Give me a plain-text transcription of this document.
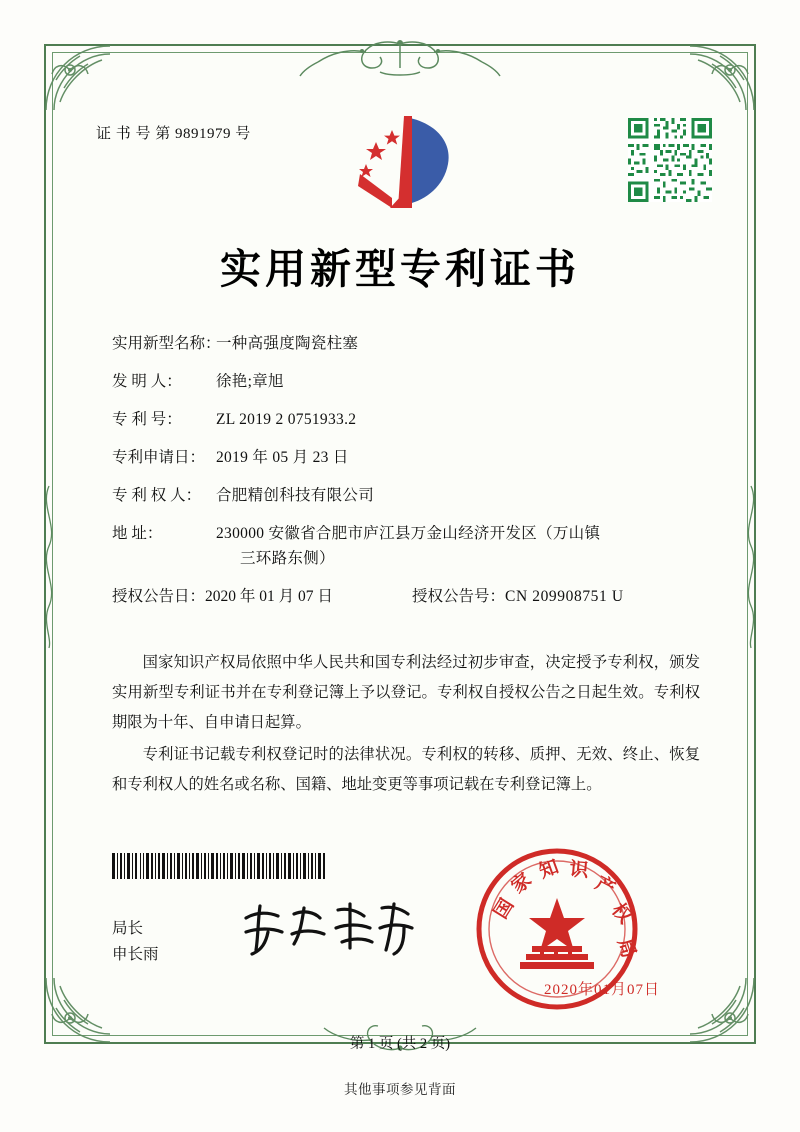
证 书 号 第 9891979 号
实用新型专利证书
实用新型名称：
一种高强度陶瓷柱塞
发 明 人：	徐艳;章旭
专 利 号：	ZL 2019 2 0751933.2
专利申请日： 2019 年 05 月 23 日
专 利 权 人： 合肥精创科技有限公司
地 址：	230000 安徽省合肥市庐江县万金山经济开发区（万山镇
三环路东侧）
授权公告日：2020 年 01 月 07 日	授权公告号：CN 209908751 U

国家知识产权局依照中华人民共和国专利法经过初步审查，决定授予专利权，颁发实用新型专利证书并在专利登记簿上予以登记。专利权自授权公告之日起生效。专利权期限为十年、自申请日起算。

专利证书记载专利权登记时的法律状况。专利权的转移、质押、无效、终止、恢复和专利权人的姓名或名称、国籍、地址变更等事项记载在专利登记簿上。

局长
申长雨
国
家 知 识
产
权
局
2020年01月07日
第 1 页 (共 2 页)
其他事项参见背面
